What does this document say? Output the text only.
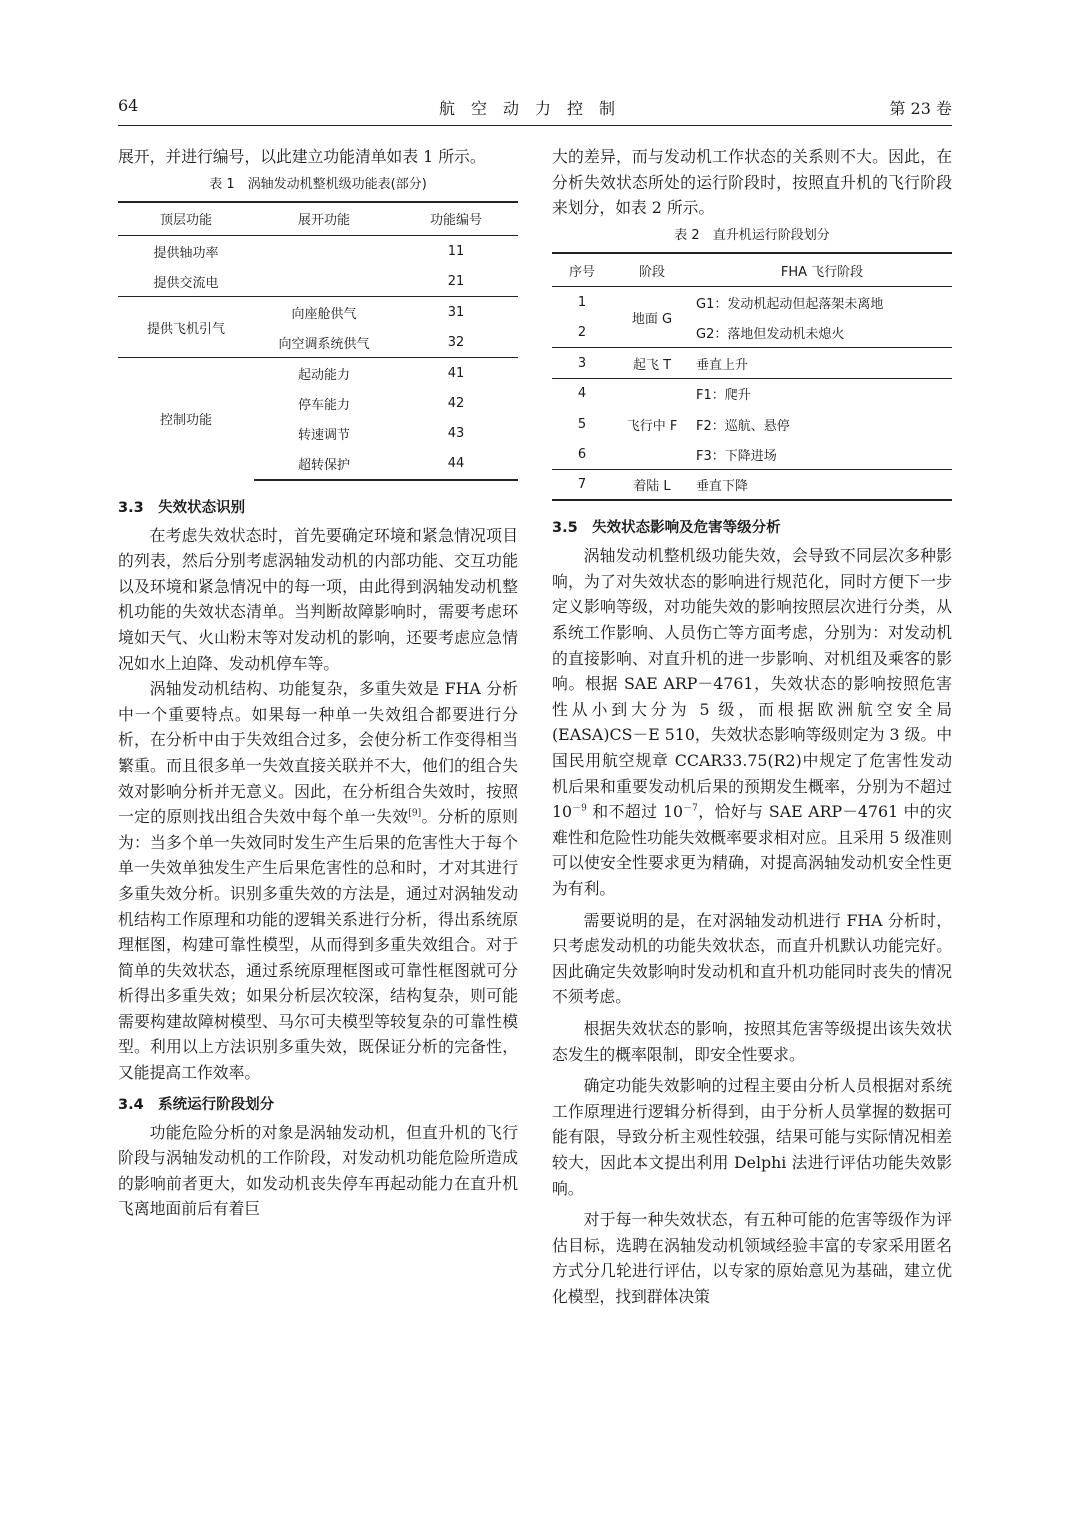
64	航空动力控制	第 23 卷

展开，并进行编号，以此建立功能清单如表 1 所示。

表 1　涡轴发动机整机级功能表(部分)
顶层功能	展开功能	功能编号
提供轴功率		11
提供交流电		21
提供飞机引气	向座舱供气	31
	向空调系统供气	32
控制功能	起动能力	41
	停车能力	42
	转速调节	43
	超转保护	44
3.3　失效状态识别

在考虑失效状态时，首先要确定环境和紧急情况项目的列表，然后分别考虑涡轴发动机的内部功能、交互功能以及环境和紧急情况中的每一项，由此得到涡轴发动机整机功能的失效状态清单。当判断故障影响时，需要考虑环境如天气、火山粉末等对发动机的影响，还要考虑应急情况如水上迫降、发动机停车等。

涡轴发动机结构、功能复杂，多重失效是 FHA 分析中一个重要特点。如果每一种单一失效组合都要进行分析，在分析中由于失效组合过多，会使分析工作变得相当繁重。而且很多单一失效直接关联并不大，他们的组合失效对影响分析并无意义。因此，在分析组合失效时，按照一定的原则找出组合失效中每个单一失效[9]。分析的原则为：当多个单一失效同时发生产生后果的危害性大于每个单一失效单独发生产生后果危害性的总和时，才对其进行多重失效分析。识别多重失效的方法是，通过对涡轴发动机结构工作原理和功能的逻辑关系进行分析，得出系统原理框图，构建可靠性模型，从而得到多重失效组合。对于简单的失效状态，通过系统原理框图或可靠性框图就可分析得出多重失效；如果分析层次较深，结构复杂，则可能需要构建故障树模型、马尔可夫模型等较复杂的可靠性模型。利用以上方法识别多重失效，既保证分析的完备性，又能提高工作效率。

3.4　系统运行阶段划分

功能危险分析的对象是涡轴发动机，但直升机的飞行阶段与涡轴发动机的工作阶段，对发动机功能危险所造成的影响前者更大，如发动机丧失停车再起动能力在直升机飞离地面前后有着巨

大的差异，而与发动机工作状态的关系则不大。因此，在分析失效状态所处的运行阶段时，按照直升机的飞行阶段来划分，如表 2 所示。

表 2　直升机运行阶段划分
序号	阶段	FHA 飞行阶段
1	地面 G	G1：发动机起动但起落架未离地
2		G2：落地但发动机未熄火
3	起飞 T	垂直上升
4	飞行中 F	F1：爬升
5		F2：巡航、悬停
6		F3：下降进场
7	着陆 L	垂直下降
3.5　失效状态影响及危害等级分析

涡轴发动机整机级功能失效，会导致不同层次多种影响，为了对失效状态的影响进行规范化，同时方便下一步定义影响等级，对功能失效的影响按照层次进行分类，从系统工作影响、人员伤亡等方面考虑，分别为：对发动机的直接影响、对直升机的进一步影响、对机组及乘客的影响。根据 SAE ARP－4761，失效状态的影响按照危害性从小到大分为 5 级，而根据欧洲航空安全局(EASA)CS－E 510，失效状态影响等级则定为 3 级。中国民用航空规章 CCAR33.75(R2)中规定了危害性发动机后果和重要发动机后果的预期发生概率，分别为不超过 $10^{-9}$ 和不超过 $10^{-7}$，恰好与 SAE ARP－4761 中的灾难性和危险性功能失效概率要求相对应。且采用 5 级准则可以使安全性要求更为精确，对提高涡轴发动机安全性更为有利。

需要说明的是，在对涡轴发动机进行 FHA 分析时，只考虑发动机的功能失效状态，而直升机默认功能完好。因此确定失效影响时发动机和直升机功能同时丧失的情况不须考虑。

根据失效状态的影响，按照其危害等级提出该失效状态发生的概率限制，即安全性要求。

确定功能失效影响的过程主要由分析人员根据对系统工作原理进行逻辑分析得到，由于分析人员掌握的数据可能有限，导致分析主观性较强，结果可能与实际情况相差较大，因此本文提出利用 Delphi 法进行评估功能失效影响。

对于每一种失效状态，有五种可能的危害等级作为评估目标，选聘在涡轴发动机领域经验丰富的专家采用匿名方式分几轮进行评估，以专家的原始意见为基础，建立优化模型，找到群体决策
